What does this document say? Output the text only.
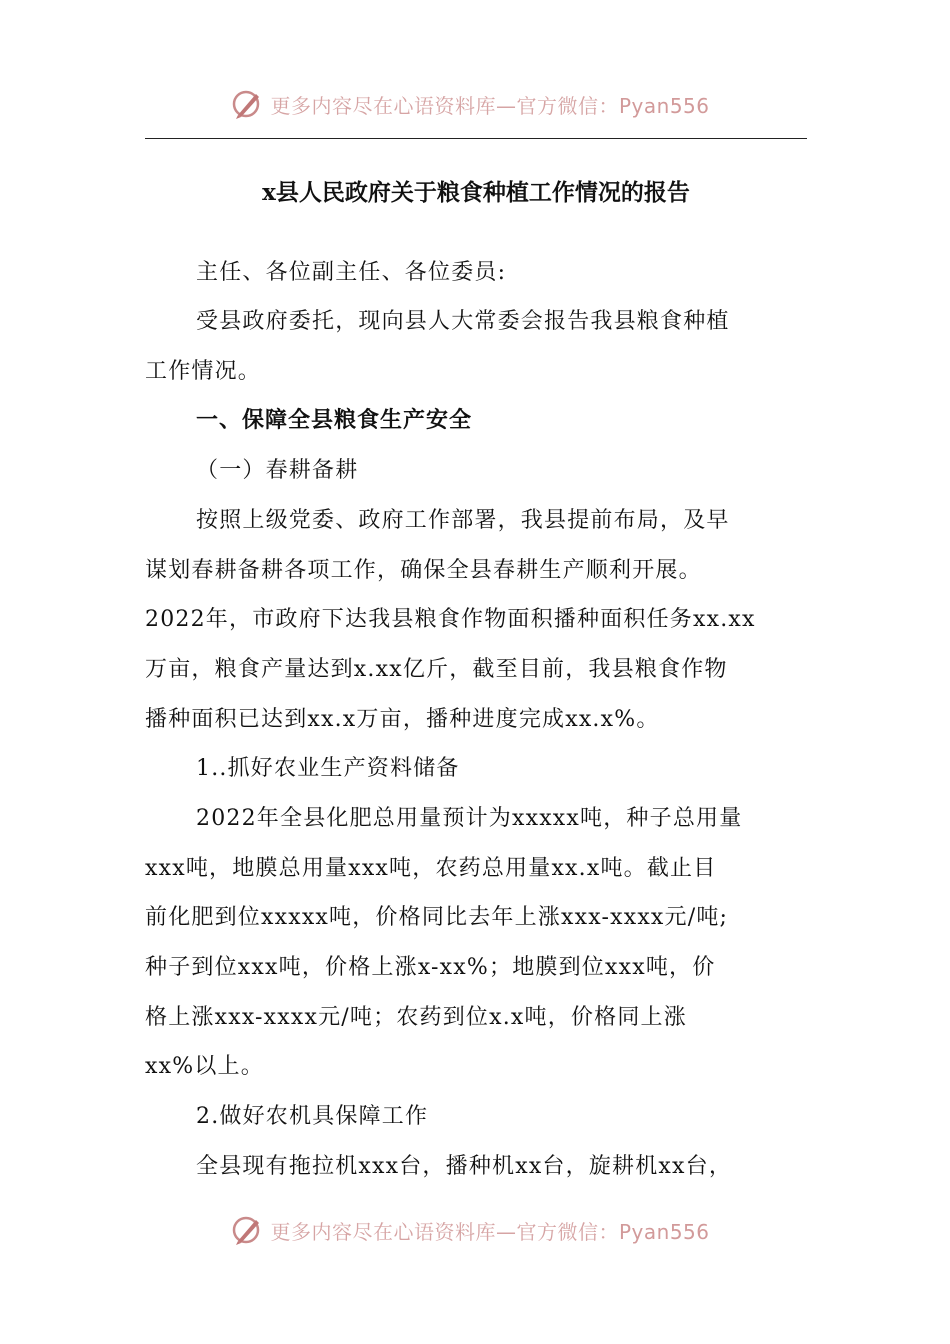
更多内容尽在心语资料库—官方微信：Pyan556
x县人民政府关于粮食种植工作情况的报告
主任、各位副主任、各位委员:
受县政府委托，现向县人大常委会报告我县粮食种植
工作情况。
一、保障全县粮食生产安全
（一）春耕备耕
按照上级党委、政府工作部署，我县提前布局，及早
谋划春耕备耕各项工作，确保全县春耕生产顺利开展。
2022年，市政府下达我县粮食作物面积播种面积任务xx.xx
万亩，粮食产量达到x.xx亿斤，截至目前，我县粮食作物
播种面积已达到xx.x万亩，播种进度完成xx.x%。
1..抓好农业生产资料储备
2022年全县化肥总用量预计为xxxxx吨，种子总用量
xxx吨，地膜总用量xxx吨，农药总用量xx.x吨。截止目
前化肥到位xxxxx吨，价格同比去年上涨xxx-xxxx元/吨;
种子到位xxx吨，价格上涨x-xx%；地膜到位xxx吨，价
格上涨xxx-xxxx元/吨；农药到位x.x吨，价格同上涨
xx%以上。
2.做好农机具保障工作
全县现有拖拉机xxx台，播种机xx台，旋耕机xx台，
更多内容尽在心语资料库—官方微信：Pyan556
